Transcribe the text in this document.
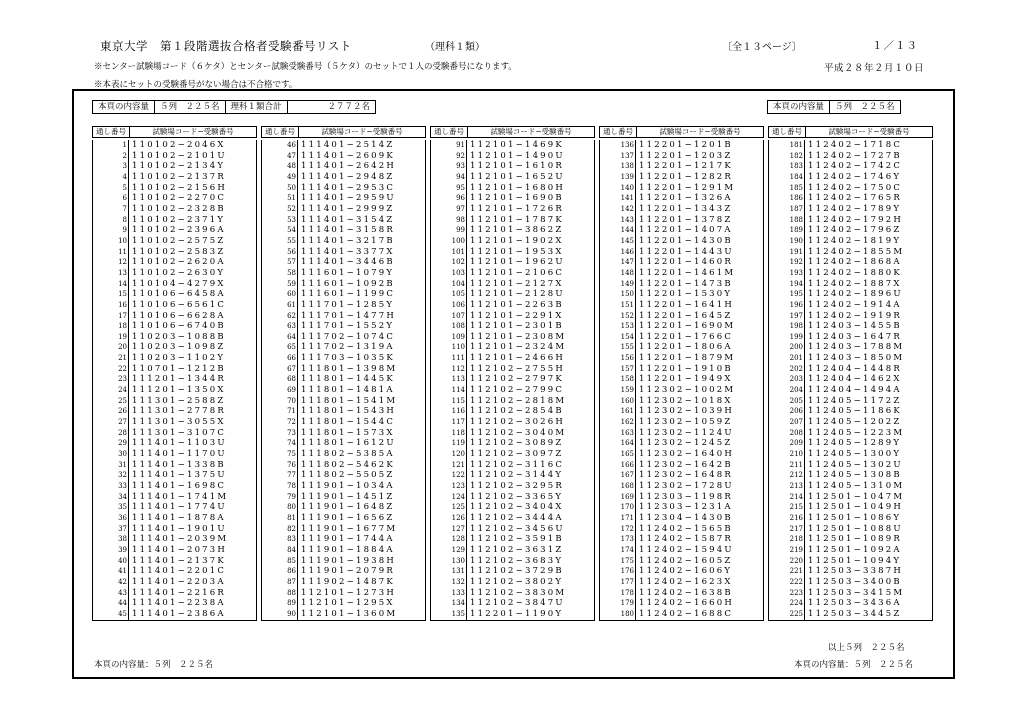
東京大学　第１段階選抜合格者受験番号リスト	（理科１類）	〔全１３ページ〕	１／１３
※センター試験場コード（６ケタ）とセンター試験受験番号（５ケタ）のセットで１人の受験番号になります。	平成２８年２月１０日
※本表にセットの受験番号がない場合は不合格です。
本頁の内容量	５列　２２５名	理科１類合計	２７７２名	本頁の内容量	５列　２２５名
通し番号	試験場コード−受験番号
1 110102−2046X
2 110102−2101U
3 110102−2134Y
4 110102−2137R
5 110102−2156H
6 110102−2270C
7 110102−2328B
8 110102−2371Y
9 110102−2396A
10 110102−2575Z
11 110102−2583Z
12 110102−2620A
13 110102−2630Y
14 110104−4279X
15 110106−6458A
16 110106−6561C
17 110106−6628A
18 110106−6740B
19 110203−1088B
20 110203−1098Z
21 110203−1102Y
22 110701−1212B
23 111201−1344R
24 111201−1350X
25 111301−2588Z
26 111301−2778R
27 111301−3055X
28 111301−3107C
29 111401−1103U
30 111401−1170U
31 111401−1338B
32 111401−1375U
33 111401−1698C
34 111401−1741M
35 111401−1774U
36 111401−1878A
37 111401−1901U
38 111401−2039M
39 111401−2073H
40 111401−2137K
41 111401−2201C
42 111401−2203A
43 111401−2216R
44 111401−2238A
45 111401−2386A
通し番号	試験場コード−受験番号
46 111401−2514Z
47 111401−2609K
48 111401−2642H
49 111401−2948Z
50 111401−2953C
51 111401−2959U
52 111401−2999Z
53 111401−3154Z
54 111401−3158R
55 111401−3217B
56 111401−3377X
57 111401−3446B
58 111601−1079Y
59 111601−1092B
60 111601−1199C
61 111701−1285Y
62 111701−1477H
63 111701−1552Y
64 111702−1074C
65 111702−1319A
66 111703−1035K
67 111801−1398M
68 111801−1445K
69 111801−1481A
70 111801−1541M
71 111801−1543H
72 111801−1544C
73 111801−1573X
74 111801−1612U
75 111802−5385A
76 111802−5462K
77 111802−5505Z
78 111901−1034A
79 111901−1451Z
80 111901−1648Z
81 111901−1656Z
82 111901−1677M
83 111901−1744A
84 111901−1884A
85 111901−1938H
86 111901−2079R
87 111902−1487K
88 112101−1273H
89 112101−1295X
90 112101−1360M
通し番号	試験場コード−受験番号
91 112101−1469K
92 112101−1490U
93 112101−1610R
94 112101−1652U
95 112101−1680H
96 112101−1690B
97 112101−1726R
98 112101−1787K
99 112101−3862Z
100 112101−1902X
101 112101−1953X
102 112101−1962U
103 112101−2106C
104 112101−2127X
105 112101−2128U
106 112101−2263B
107 112101−2291X
108 112101−2301B
109 112101−2308M
110 112101−2324M
111 112101−2466H
112 112102−2755H
113 112102−2797K
114 112102−2799C
115 112102−2818M
116 112102−2854B
117 112102−3026H
118 112102−3040M
119 112102−3089Z
120 112102−3097Z
121 112102−3116C
122 112102−3144Y
123 112102−3295R
124 112102−3365Y
125 112102−3404X
126 112102−3444A
127 112102−3456U
128 112102−3591B
129 112102−3631Z
130 112102−3683Y
131 112102−3729B
132 112102−3802Y
133 112102−3830M
134 112102−3847U
135 112201−1190Y
通し番号	試験場コード−受験番号
136 112201−1201B
137 112201−1203Z
138 112201−1217K
139 112201−1282R
140 112201−1291M
141 112201−1326A
142 112201−1343Z
143 112201−1378Z
144 112201−1407A
145 112201−1430B
146 112201−1443U
147 112201−1460R
148 112201−1461M
149 112201−1473B
150 112201−1530Y
151 112201−1641H
152 112201−1645Z
153 112201−1690M
154 112201−1766C
155 112201−1806A
156 112201−1879M
157 112201−1910B
158 112201−1949X
159 112302−1002M
160 112302−1018X
161 112302−1039H
162 112302−1059Z
163 112302−1124U
164 112302−1245Z
165 112302−1640H
166 112302−1642B
167 112302−1648R
168 112302−1728U
169 112303−1198R
170 112303−1231A
171 112304−1430B
172 112402−1565B
173 112402−1587R
174 112402−1594U
175 112402−1605Z
176 112402−1606Y
177 112402−1623X
178 112402−1638B
179 112402−1660H
180 112402−1688C
通し番号	試験場コード−受験番号
181 112402−1718C
182 112402−1727B
183 112402−1742C
184 112402−1746Y
185 112402−1750C
186 112402−1765R
187 112402−1789Y
188 112402−1792H
189 112402−1796Z
190 112402−1819Y
191 112402−1855M
192 112402−1868A
193 112402−1880K
194 112402−1887X
195 112402−1896U
196 112402−1914A
197 112402−1919R
198 112403−1455B
199 112403−1647R
200 112403−1788M
201 112403−1850M
202 112404−1448R
203 112404−1462X
204 112404−1494A
205 112405−1172Z
206 112405−1186K
207 112405−1202Z
208 112405−1223M
209 112405−1289Y
210 112405−1300Y
211 112405−1302U
212 112405−1308B
213 112405−1310M
214 112501−1047M
215 112501−1049H
216 112501−1086Y
217 112501−1088U
218 112501−1089R
219 112501−1092A
220 112501−1094Y
221 112503−3387H
222 112503−3400B
223 112503−3415M
224 112503−3436A
225 112503−3445Z
以上５列　２２５名
本頁の内容量：５列　２２５名	本頁の内容量：５列　２２５名
